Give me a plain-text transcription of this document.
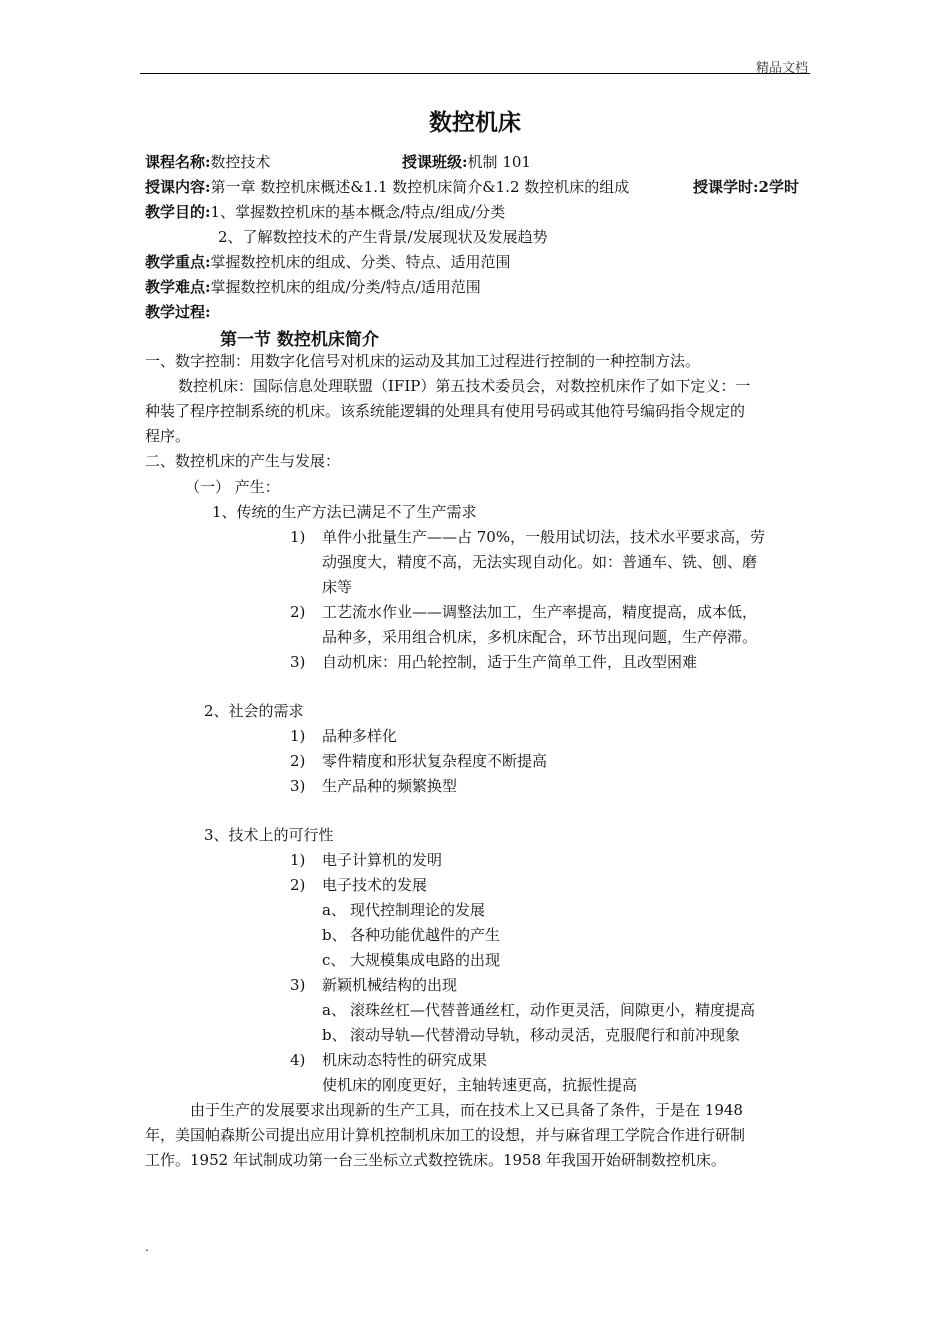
精品文档
数控机床
课程名称:数控技术	授课班级:机制 101
授课内容:第一章 数控机床概述&1.1 数控机床简介&1.2 数控机床的组成	授课学时:2学时
教学目的:1、掌握数控机床的基本概念/特点/组成/分类
2、了解数控技术的产生背景/发展现状及发展趋势
教学重点:掌握数控机床的组成、分类、特点、适用范围
教学难点:掌握数控机床的组成/分类/特点/适用范围
教学过程:
第一节 数控机床简介
一、数字控制：用数字化信号对机床的运动及其加工过程进行控制的一种控制方法。
数控机床：国际信息处理联盟（IFIP）第五技术委员会，对数控机床作了如下定义：一
种装了程序控制系统的机床。该系统能逻辑的处理具有使用号码或其他符号编码指令规定的
程序。
二、数控机床的产生与发展：
（一） 产生：
1、传统的生产方法已满足不了生产需求
1) 单件小批量生产——占 70%，一般用试切法，技术水平要求高，劳
动强度大，精度不高，无法实现自动化。如：普通车、铣、刨、磨
床等
2) 工艺流水作业——调整法加工，生产率提高，精度提高，成本低，
品种多，采用组合机床，多机床配合，环节出现问题，生产停滞。
3) 自动机床：用凸轮控制，适于生产简单工件，且改型困难
2、社会的需求
1) 品种多样化
2) 零件精度和形状复杂程度不断提高
3) 生产品种的频繁换型
3、技术上的可行性
1) 电子计算机的发明
2) 电子技术的发展
a、 现代控制理论的发展
b、 各种功能优越件的产生
c、 大规模集成电路的出现
3) 新颖机械结构的出现
a、 滚珠丝杠—代替普通丝杠，动作更灵活，间隙更小，精度提高
b、 滚动导轨—代替滑动导轨，移动灵活，克服爬行和前冲现象
4) 机床动态特性的研究成果
使机床的刚度更好，主轴转速更高，抗振性提高
由于生产的发展要求出现新的生产工具，而在技术上又已具备了条件，于是在 1948
年，美国帕森斯公司提出应用计算机控制机床加工的设想，并与麻省理工学院合作进行研制
工作。1952 年试制成功第一台三坐标立式数控铣床。1958 年我国开始研制数控机床。
.
